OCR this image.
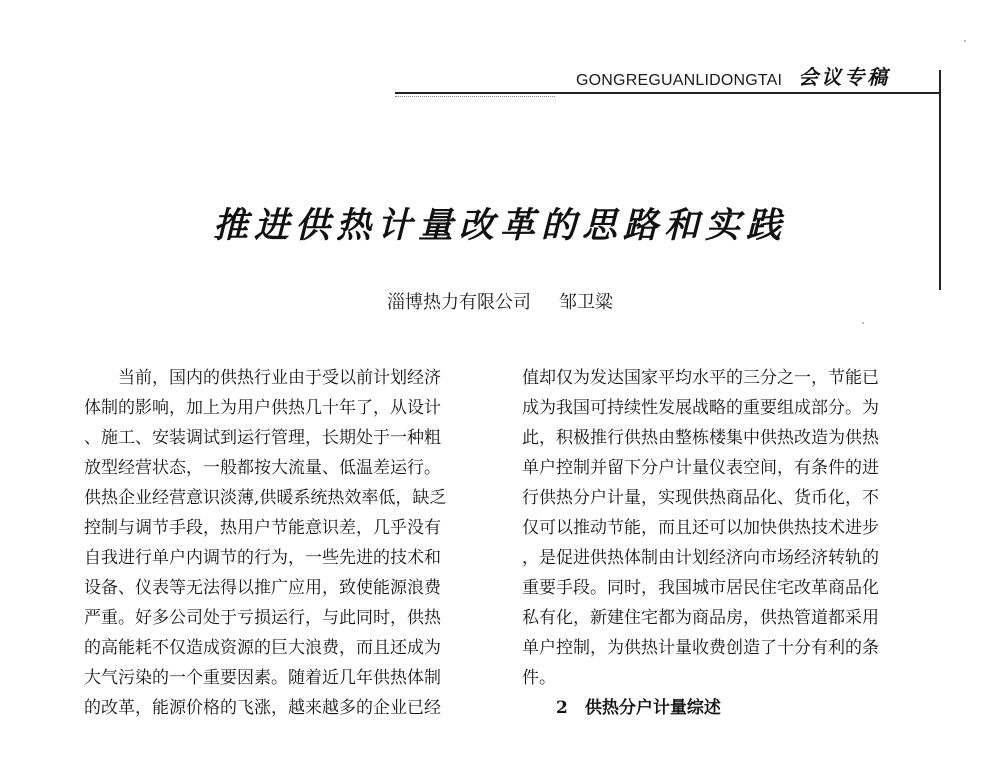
GONGREGUANLIDONGTAI 会议专稿
推进供热计量改革的思路和实践
淄博热力有限公司 邹卫粱

　　当前，国内的供热行业由于受以前计划经济

体制的影响，加上为用户供热几十年了，从设计

、施工、安装调试到运行管理，长期处于一种粗

放型经营状态，一般都按大流量、低温差运行。

供热企业经营意识淡薄,供暖系统热效率低，缺乏

控制与调节手段，热用户节能意识差，几乎没有

自我进行单户内调节的行为，一些先进的技术和

设备、仪表等无法得以推广应用，致使能源浪费

严重。好多公司处于亏损运行，与此同时，供热

的高能耗不仅造成资源的巨大浪费，而且还成为

大气污染的一个重要因素。随着近几年供热体制

的改革，能源价格的飞涨，越来越多的企业已经

值却仅为发达国家平均水平的三分之一，节能已

成为我国可持续性发展战略的重要组成部分。为

此，积极推行供热由整栋楼集中供热改造为供热

单户控制并留下分户计量仪表空间，有条件的进

行供热分户计量，实现供热商品化、货币化，不

仅可以推动节能，而且还可以加快供热技术进步

，是促进供热体制由计划经济向市场经济转轨的

重要手段。同时，我国城市居民住宅改革商品化

私有化，新建住宅都为商品房，供热管道都采用

单户控制，为供热计量收费创造了十分有利的条

件。

2　供热分户计量综述
